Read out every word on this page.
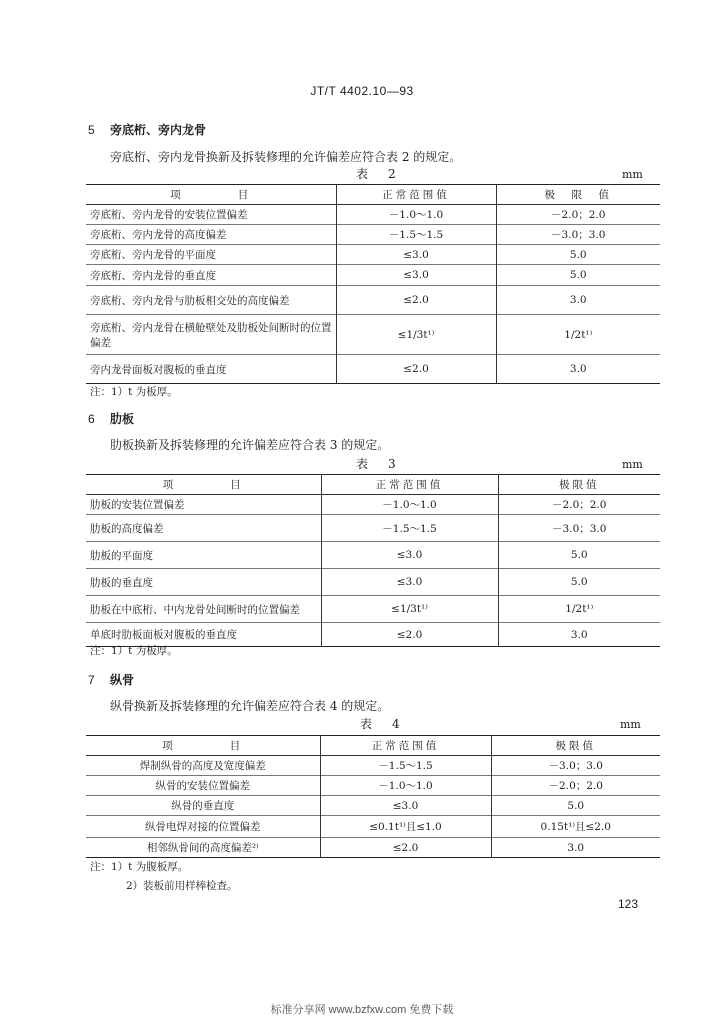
JT/T 4402.10—93
5 旁底桁、旁内龙骨
旁底桁、旁内龙骨换新及拆装修理的允许偏差应符合表 2 的规定。
表　2	mm
项　　　　目	正常范围值	极　限　值
旁底桁、旁内龙骨的安装位置偏差	－1.0～1.0	－2.0；2.0
旁底桁、旁内龙骨的高度偏差	－1.5～1.5	－3.0；3.0
旁底桁、旁内龙骨的平面度	≤3.0	5.0
旁底桁、旁内龙骨的垂直度	≤3.0	5.0
旁底桁、旁内龙骨与肋板相交处的高度偏差	≤2.0	3.0
旁底桁、旁内龙骨在横舱壁处及肋板处间断时的位置偏差	≤1/3t¹⁾	1/2t¹⁾
旁内龙骨面板对腹板的垂直度	≤2.0	3.0
注：1）t 为板厚。
6 肋板
肋板换新及拆装修理的允许偏差应符合表 3 的规定。
表　3	mm
项　　　　目	正常范围值	极限值
肋板的安装位置偏差	－1.0～1.0	－2.0；2.0
肋板的高度偏差	－1.5～1.5	－3.0；3.0
肋板的平面度	≤3.0	5.0
肋板的垂直度	≤3.0	5.0
肋板在中底桁、中内龙骨处间断时的位置偏差	≤1/3t¹⁾	1/2t¹⁾
单底时肋板面板对腹板的垂直度	≤2.0	3.0
注：1）t 为板厚。
7 纵骨
纵骨换新及拆装修理的允许偏差应符合表 4 的规定。
表　4	mm
项　　　　目	正常范围值	极限值
焊制纵骨的高度及宽度偏差	－1.5～1.5	－3.0；3.0
纵骨的安装位置偏差	－1.0～1.0	－2.0；2.0
纵骨的垂直度	≤3.0	5.0
纵骨电焊对接的位置偏差	≤0.1t¹⁾且≤1.0	0.15t¹⁾且≤2.0
相邻纵骨间的高度偏差²⁾	≤2.0	3.0
注：1）t 为腹板厚。
2）装板前用样棒检查。
123
标准分享网 www.bzfxw.com 免费下载
